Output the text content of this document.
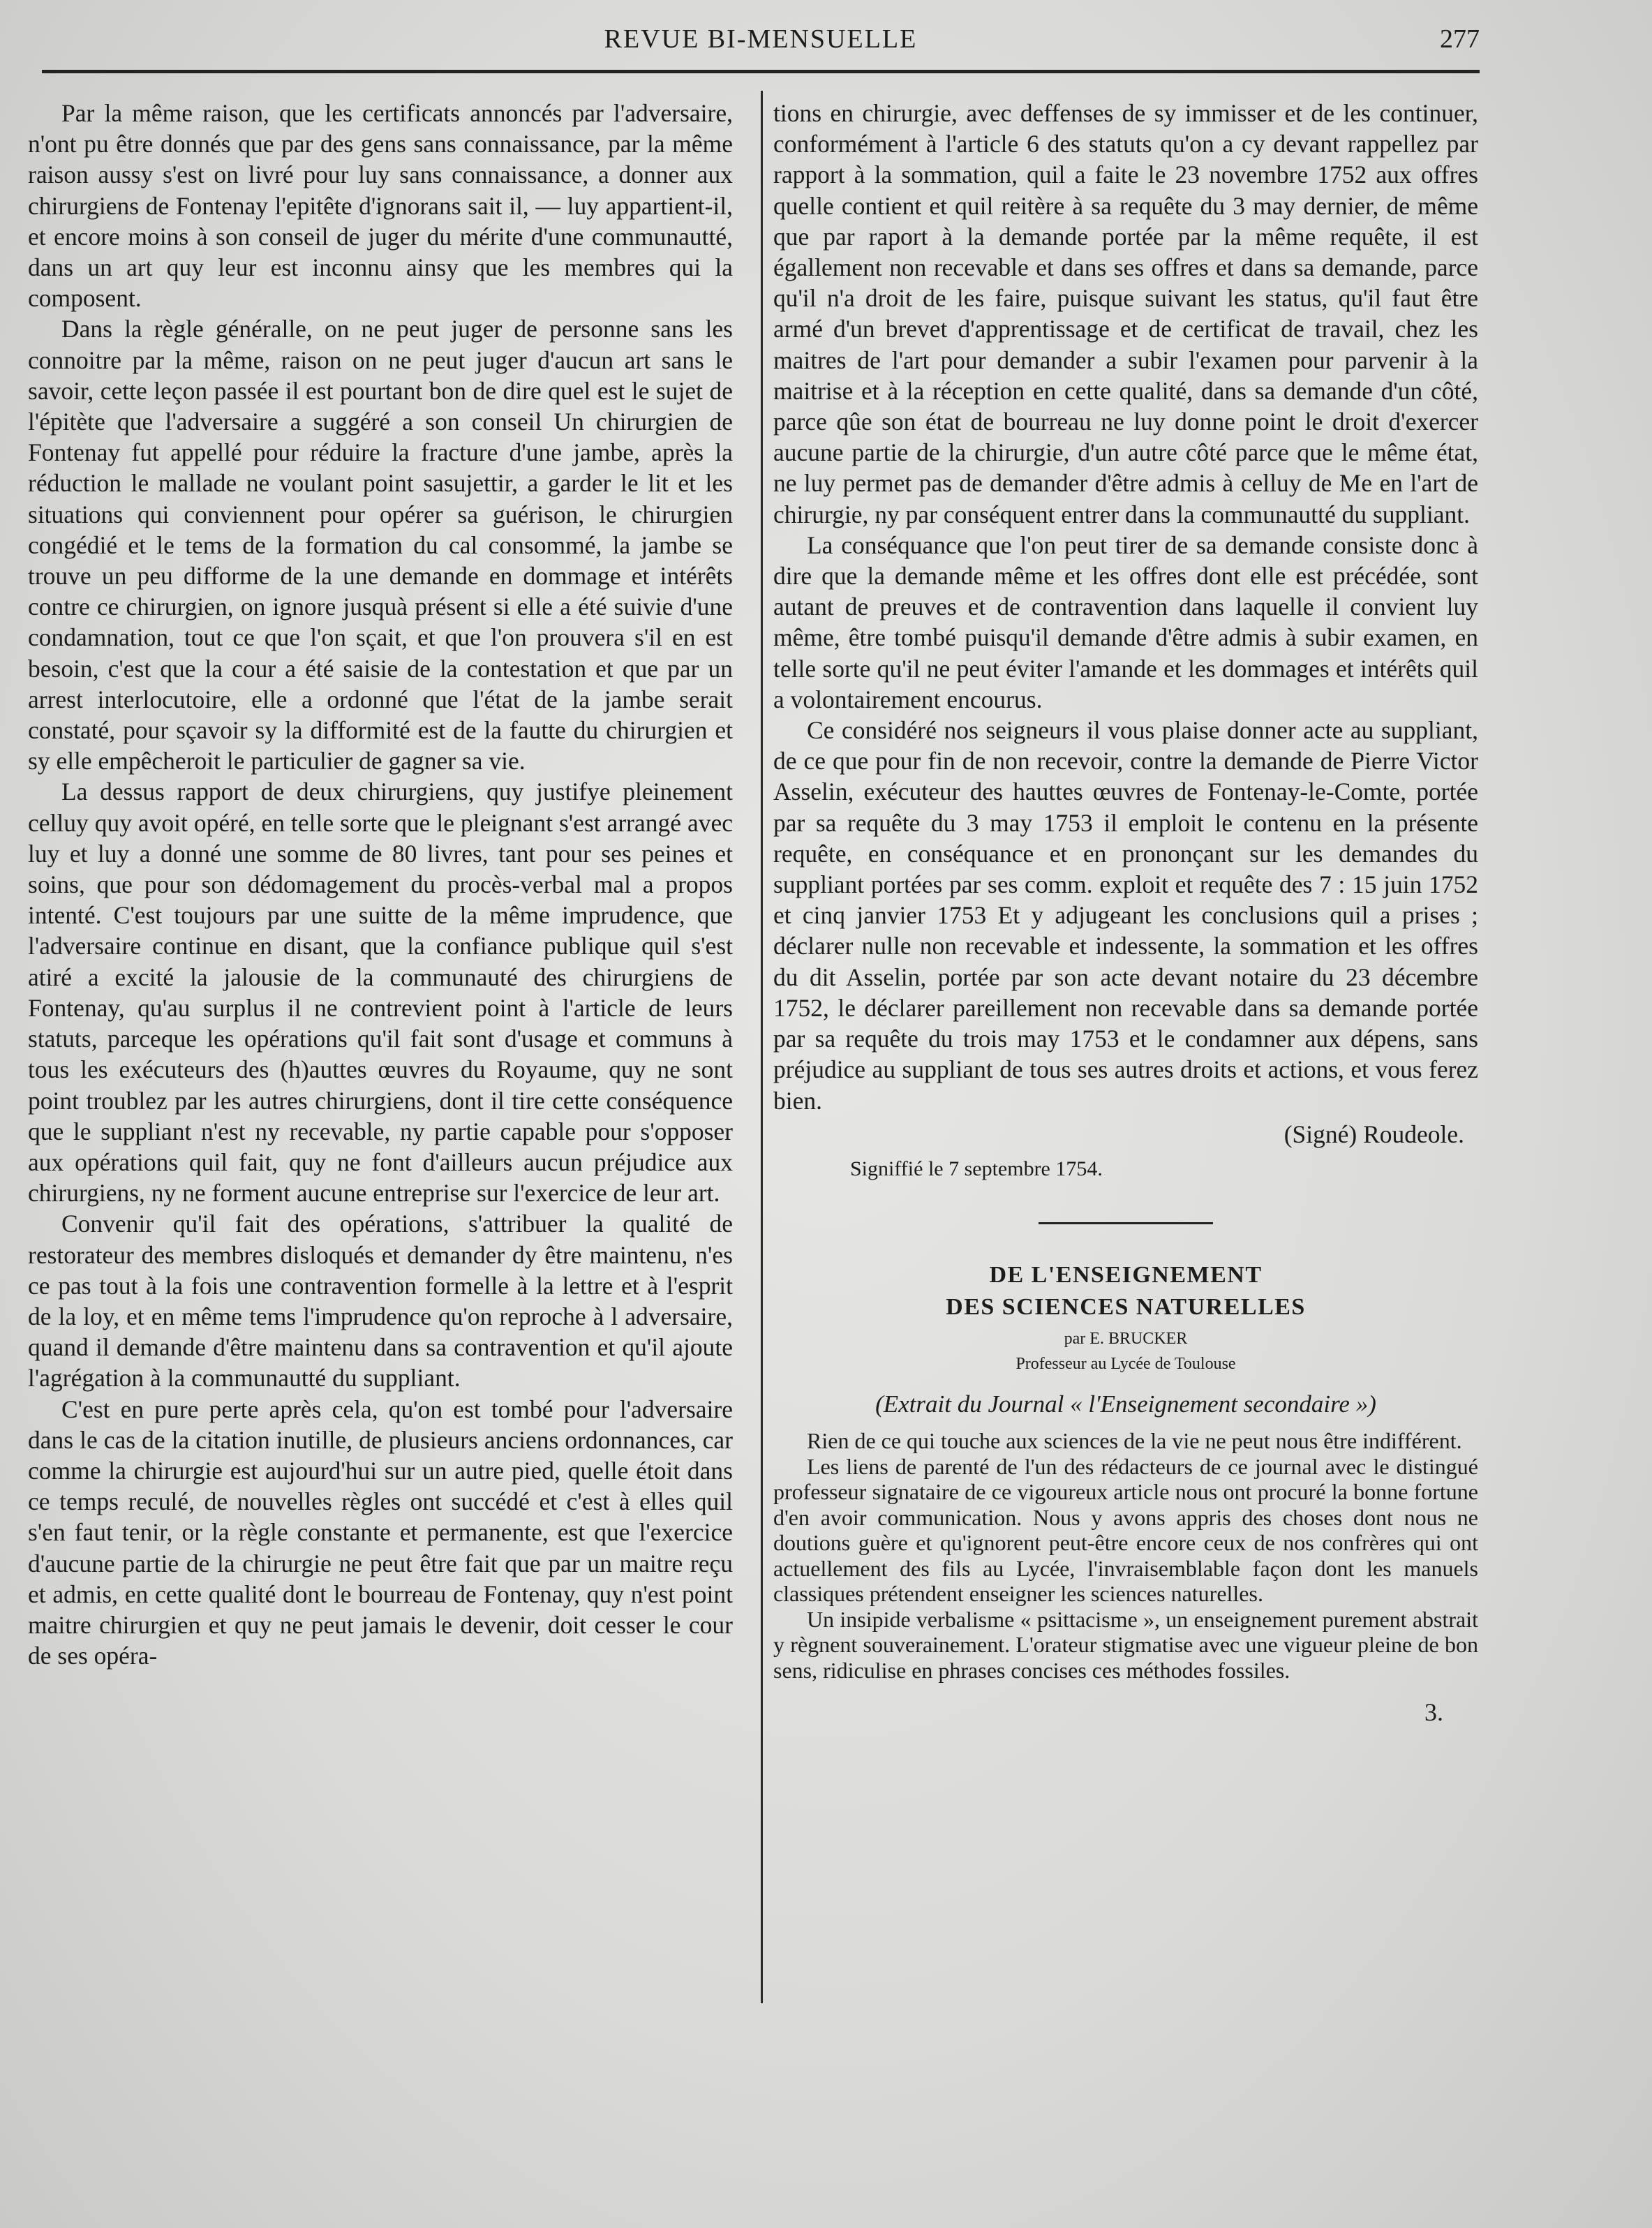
REVUE BI-MENSUELLE	277

Par la même raison, que les certificats annoncés par l'adversaire, n'ont pu être donnés que par des gens sans connaissance, par la même raison aussy s'est on livré pour luy sans connaissance, a donner aux chirurgiens de Fontenay l'epitête d'ignorans sait il, — luy appartient-il, et encore moins à son conseil de juger du mérite d'une communautté, dans un art quy leur est inconnu ainsy que les membres qui la composent.

Dans la règle généralle, on ne peut juger de personne sans les connoitre par la même, raison on ne peut juger d'aucun art sans le savoir, cette leçon passée il est pourtant bon de dire quel est le sujet de l'épitète que l'adversaire a suggéré a son conseil Un chirurgien de Fontenay fut appellé pour réduire la fracture d'une jambe, après la réduction le mallade ne voulant point sasujettir, a garder le lit et les situations qui conviennent pour opérer sa guérison, le chirurgien congédié et le tems de la formation du cal consommé, la jambe se trouve un peu difforme de la une demande en dommage et intérêts contre ce chirurgien, on ignore jusquà présent si elle a été suivie d'une condamnation, tout ce que l'on sçait, et que l'on prouvera s'il en est besoin, c'est que la cour a été saisie de la contestation et que par un arrest interlocutoire, elle a ordonné que l'état de la jambe serait constaté, pour sçavoir sy la difformité est de la fautte du chirurgien et sy elle empêcheroit le particulier de gagner sa vie.

La dessus rapport de deux chirurgiens, quy justifye pleinement celluy quy avoit opéré, en telle sorte que le pleignant s'est arrangé avec luy et luy a donné une somme de 80 livres, tant pour ses peines et soins, que pour son dédomagement du procès-verbal mal a propos intenté. C'est toujours par une suitte de la même imprudence, que l'adversaire continue en disant, que la confiance publique quil s'est atiré a excité la jalousie de la communauté des chirurgiens de Fontenay, qu'au surplus il ne contrevient point à l'article de leurs statuts, parceque les opérations qu'il fait sont d'usage et communs à tous les exécuteurs des (h)auttes œuvres du Royaume, quy ne sont point troublez par les autres chirurgiens, dont il tire cette conséquence que le suppliant n'est ny recevable, ny partie capable pour s'opposer aux opérations quil fait, quy ne font d'ailleurs aucun préjudice aux chirurgiens, ny ne forment aucune entreprise sur l'exercice de leur art.

Convenir qu'il fait des opérations, s'attribuer la qualité de restorateur des membres disloqués et demander dy être maintenu, n'es ce pas tout à la fois une contravention formelle à la lettre et à l'esprit de la loy, et en même tems l'imprudence qu'on reproche à l adversaire, quand il demande d'être maintenu dans sa contravention et qu'il ajoute l'agrégation à la communautté du suppliant.

C'est en pure perte après cela, qu'on est tombé pour l'adversaire dans le cas de la citation inutille, de plusieurs anciens ordonnances, car comme la chirurgie est aujourd'hui sur un autre pied, quelle étoit dans ce temps reculé, de nouvelles règles ont succédé et c'est à elles quil s'en faut tenir, or la règle constante et permanente, est que l'exercice d'aucune partie de la chirurgie ne peut être fait que par un maitre reçu et admis, en cette qualité dont le bourreau de Fontenay, quy n'est point maitre chirurgien et quy ne peut jamais le devenir, doit cesser le cour de ses opéra-

tions en chirurgie, avec deffenses de sy immisser et de les continuer, conformément à l'article 6 des statuts qu'on a cy devant rappellez par rapport à la sommation, quil a faite le 23 novembre 1752 aux offres quelle contient et quil reitère à sa requête du 3 may dernier, de même que par raport à la demande portée par la même requête, il est égallement non recevable et dans ses offres et dans sa demande, parce qu'il n'a droit de les faire, puisque suivant les status, qu'il faut être armé d'un brevet d'apprentissage et de certificat de travail, chez les maitres de l'art pour demander a subir l'examen pour parvenir à la maitrise et à la réception en cette qualité, dans sa demande d'un côté, parce qûe son état de bourreau ne luy donne point le droit d'exercer aucune partie de la chirurgie, d'un autre côté parce que le même état, ne luy permet pas de demander d'être admis à celluy de Me en l'art de chirurgie, ny par conséquent entrer dans la communautté du suppliant.

La conséquance que l'on peut tirer de sa demande consiste donc à dire que la demande même et les offres dont elle est précédée, sont autant de preuves et de contravention dans laquelle il convient luy même, être tombé puisqu'il demande d'être admis à subir examen, en telle sorte qu'il ne peut éviter l'amande et les dommages et intérêts quil a volontairement encourus.

Ce considéré nos seigneurs il vous plaise donner acte au suppliant, de ce que pour fin de non recevoir, contre la demande de Pierre Victor Asselin, exécuteur des hauttes œuvres de Fontenay-le-Comte, portée par sa requête du 3 may 1753 il emploit le contenu en la présente requête, en conséquance et en prononçant sur les demandes du suppliant portées par ses comm. exploit et requête des 7 : 15 juin 1752 et cinq janvier 1753 Et y adjugeant les conclusions quil a prises ; déclarer nulle non recevable et indessente, la sommation et les offres du dit Asselin, portée par son acte devant notaire du 23 décembre 1752, le déclarer pareillement non recevable dans sa demande portée par sa requête du trois may 1753 et le condamner aux dépens, sans préjudice au suppliant de tous ses autres droits et actions, et vous ferez bien.

(Signé) Roudeole.
Signiffié le 7 septembre 1754.
DE L'ENSEIGNEMENT
DES SCIENCES NATURELLES
par E. BRUCKER
Professeur au Lycée de Toulouse
(Extrait du Journal « l'Enseignement secondaire »)

Rien de ce qui touche aux sciences de la vie ne peut nous être indifférent.

Les liens de parenté de l'un des rédacteurs de ce journal avec le distingué professeur signataire de ce vigoureux article nous ont procuré la bonne fortune d'en avoir communication. Nous y avons appris des choses dont nous ne doutions guère et qu'ignorent peut-être encore ceux de nos confrères qui ont actuellement des fils au Lycée, l'invraisemblable façon dont les manuels classiques prétendent enseigner les sciences naturelles.

Un insipide verbalisme « psittacisme », un enseignement purement abstrait y règnent souverainement. L'orateur stigmatise avec une vigueur pleine de bon sens, ridiculise en phrases concises ces méthodes fossiles.

3.
